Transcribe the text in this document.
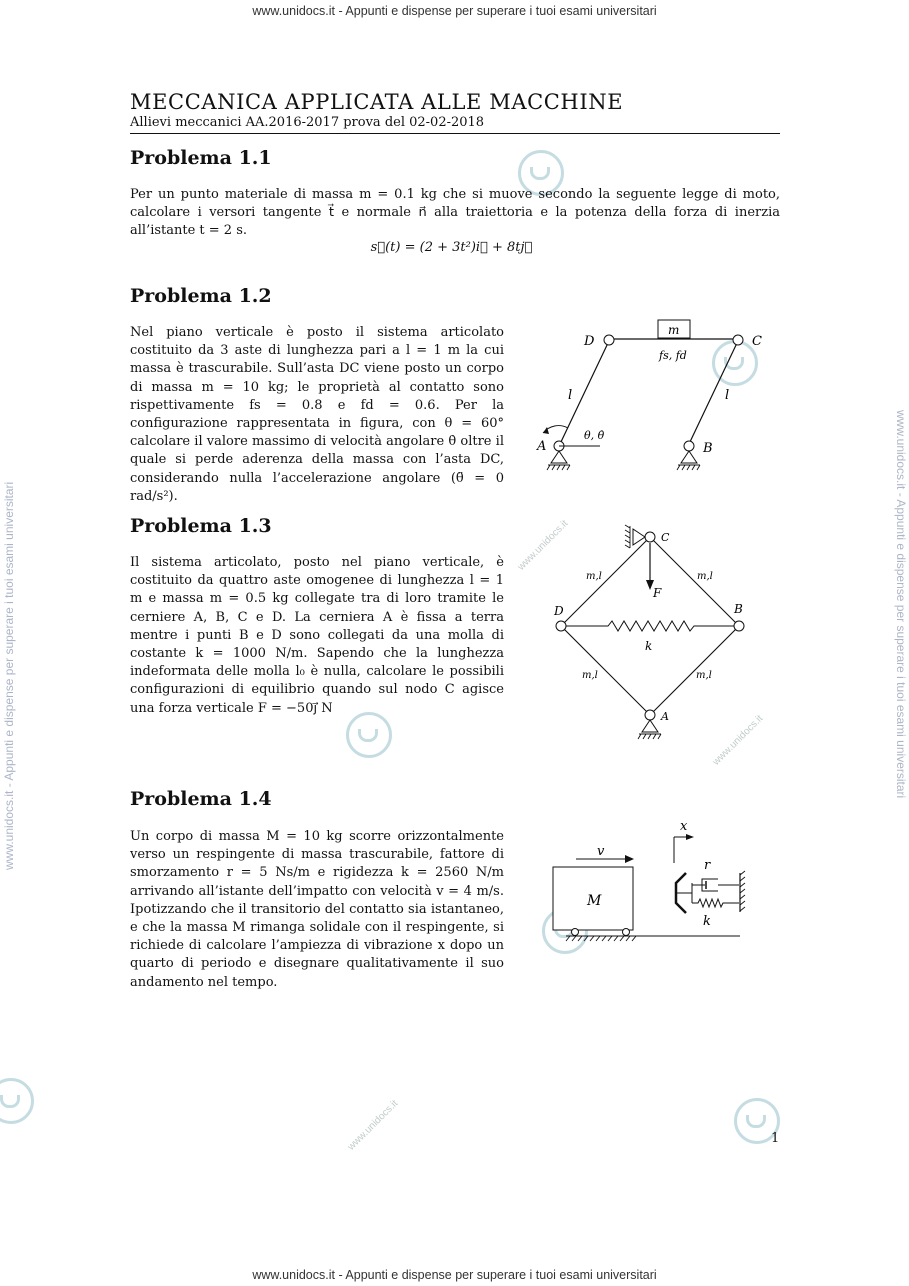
www.unidocs.it - Appunti e dispense per superare i tuoi esami universitari
www.unidocs.it - Appunti e dispense per superare i tuoi esami universitari
www.unidocs.it - Appunti e dispense per superare i tuoi esami universitari	www.unidocs.it - Appunti e dispense per superare i tuoi esami universitari
www.unidocs.it
www.unidocs.it
www.unidocs.it
MECCANICA APPLICATA ALLE MACCHINE
Allievi meccanici AA.2016-2017 prova del 02-02-2018
Problema 1.1
Per un punto materiale di massa m = 0.1 kg che si muove secondo la seguente legge di moto, calcolare i versori tangente t⃗ e normale n⃗ alla traiettoria e la potenza della forza di inerzia all’istante t = 2 s.
s⃗(t) = (2 + 3t²)i⃗ + 8tj⃗
Problema 1.2
Nel piano verticale è posto il sistema articolato costituito da 3 aste di lunghezza pari a l = 1 m la cui massa è trascurabile. Sull’asta DC viene posto un corpo di massa m = 10 kg; le proprietà al contatto sono rispettivamente fs = 0.8 e fd = 0.6. Per la configurazione rappresentata in figura, con θ = 60° calcolare il valore massimo di velocità angolare θ̇ oltre il quale si perde aderenza della massa con l’asta DC, considerando nulla l’accelerazione angolare (θ̈ = 0 rad/s²).
D	C
A	B
m
fs, fd
l	l
θ, θ̇
Problema 1.3
Il sistema articolato, posto nel piano verticale, è costituito da quattro aste omogenee di lunghezza l = 1 m e massa m = 0.5 kg collegate tra di loro tramite le cerniere A, B, C e D. La cerniera A è fissa a terra mentre i punti B e D sono collegati da una molla di costante k = 1000 N/m. Sapendo che la lunghezza indeformata delle molla l₀ è nulla, calcolare le possibili configurazioni di equilibrio quando sul nodo C agisce una forza verticale F = −50j⃗ N
C
D	B
A
F
k
m,l	m,l
m,l	m,l
Problema 1.4
Un corpo di massa M = 10 kg scorre orizzontalmente verso un respingente di massa trascurabile, fattore di smorzamento r = 5 Ns/m e rigidezza k = 2560 N/m arrivando all’istante dell’impatto con velocità v = 4 m/s. Ipotizzando che il transitorio del contatto sia istantaneo, e che la massa M rimanga solidale con il respingente, si richiede di calcolare l’ampiezza di vibrazione x dopo un quarto di periodo e disegnare qualitativamente il suo andamento nel tempo.
v
M
x
r
k
1
